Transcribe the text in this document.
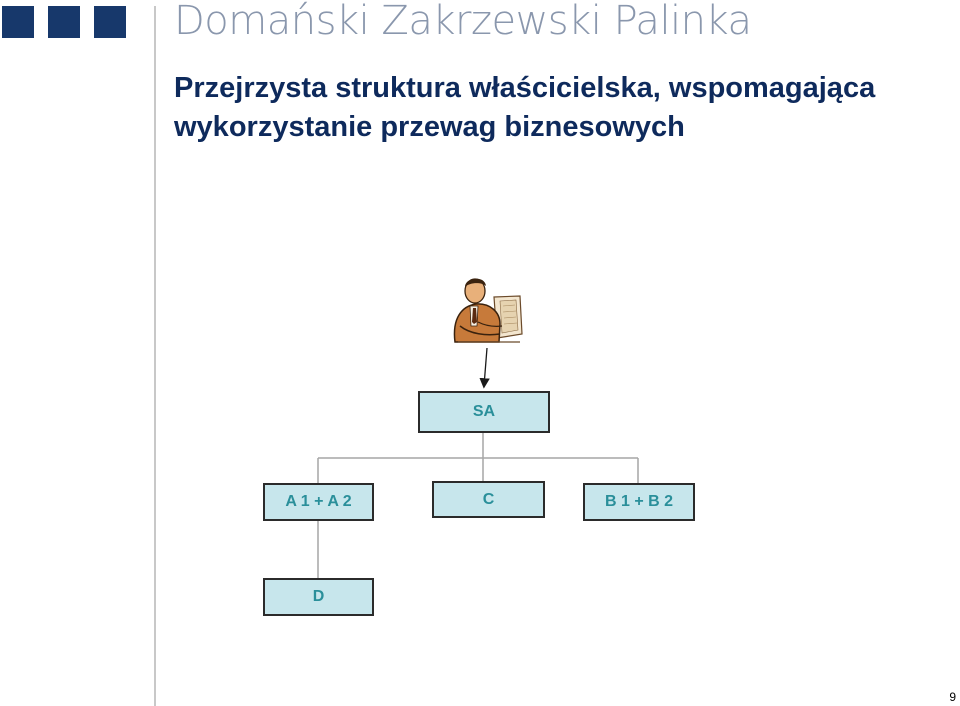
Domański Zakrzewski Palinka
Przejrzysta struktura właścicielska, wspomagająca
wykorzystanie przewag biznesowych
SA
A 1 + A 2	C	B 1 + B 2
D
9
